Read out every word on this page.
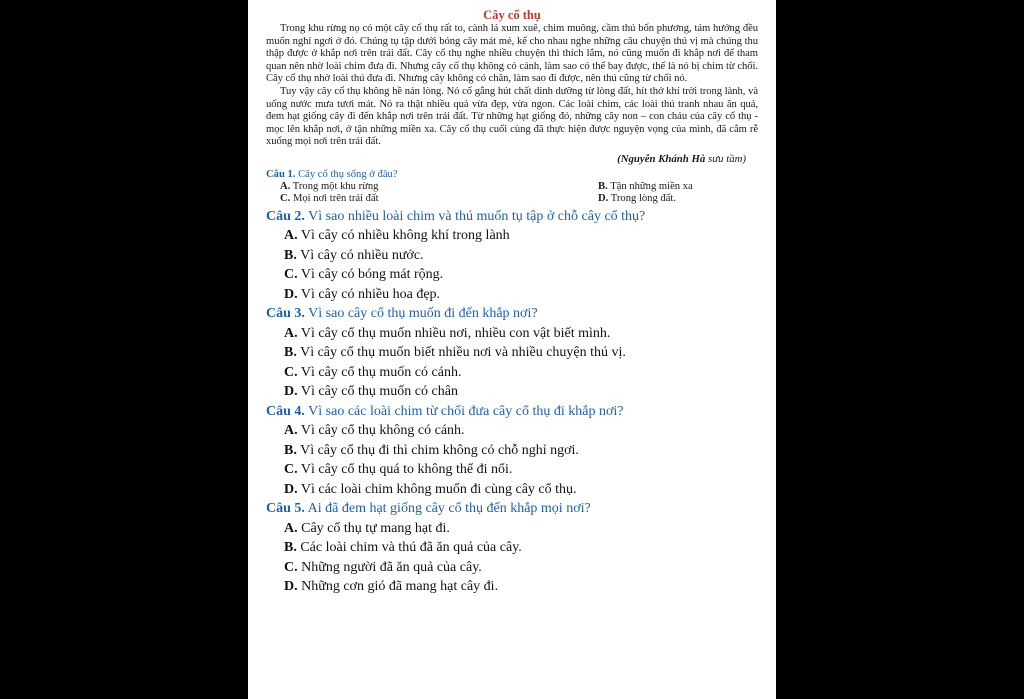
Cây cổ thụ

Trong khu rừng nọ có một cây cổ thụ rất to, cành lá xum xuê, chim muông, cầm thú bốn phương, tám hướng đều muốn nghỉ ngơi ở đó. Chúng tụ tập dưới bóng cây mát mẻ, kể cho nhau nghe những câu chuyện thú vị mà chúng thu thập được ở khắp nơi trên trái đất. Cây cổ thụ nghe nhiều chuyện thì thích lắm, nó cũng muốn đi khắp nơi để tham quan nên nhờ loài chim đưa đi. Nhưng cây cổ thụ không có cánh, làm sao có thể bay được, thế là nó bị chim từ chối. Cây cổ thụ nhờ loài thú đưa đi. Nhưng cây không có chân, làm sao đi được, nên thú cũng từ chối nó.

Tuy vậy cây cổ thụ không hề nản lòng. Nó cố gắng hút chất dinh dưỡng từ lòng đất, hít thở khí trời trong lành, và uống nước mưa tươi mát. Nó ra thật nhiều quả vừa đẹp, vừa ngon. Các loài chim, các loài thú tranh nhau ăn quả, đem hạt giống cây đi đến khắp nơi trên trái đất. Từ những hạt giống đó, những cây non – con cháu của cây cổ thụ - mọc lên khắp nơi, ở tận những miền xa. Cây cổ thụ cuối cùng đã thực hiện được nguyện vọng của mình, đã cắm rễ xuống mọi nơi trên trái đất.

(Nguyễn Khánh Hà sưu tầm)
Câu 1. Cây cổ thụ sống ở đâu?
A. Trong một khu rừng	B. Tận những miền xa
C. Mọi nơi trên trái đất	D. Trong lòng đất.
Câu 2. Vì sao nhiều loài chim và thú muốn tụ tập ở chỗ cây cổ thụ?
A. Vì cây có nhiều không khí trong lành
B. Vì cây có nhiều nước.
C. Vì cây có bóng mát rộng.
D. Vì cây có nhiều hoa đẹp.
Câu 3. Vì sao cây cổ thụ muốn đi đến khắp nơi?
A. Vì cây cổ thụ muốn nhiều nơi, nhiều con vật biết mình.
B. Vì cây cổ thụ muốn biết nhiều nơi và nhiều chuyện thú vị.
C. Vì cây cổ thụ muốn có cánh.
D. Vì cây cổ thụ muốn có chân
Câu 4. Vì sao các loài chim từ chối đưa cây cổ thụ đi khắp nơi?
A. Vì cây cổ thụ không có cánh.
B. Vì cây cổ thụ đi thì chim không có chỗ nghỉ ngơi.
C. Vì cây cổ thụ quá to không thể đi nổi.
D. Vì các loài chim không muốn đi cùng cây cổ thụ.
Câu 5. Ai đã đem hạt giống cây cổ thụ đến khắp mọi nơi?
A. Cây cổ thụ tự mang hạt đi.
B. Các loài chim và thú đã ăn quả của cây.
C. Những người đã ăn quả của cây.
D. Những cơn gió đã mang hạt cây đi.
